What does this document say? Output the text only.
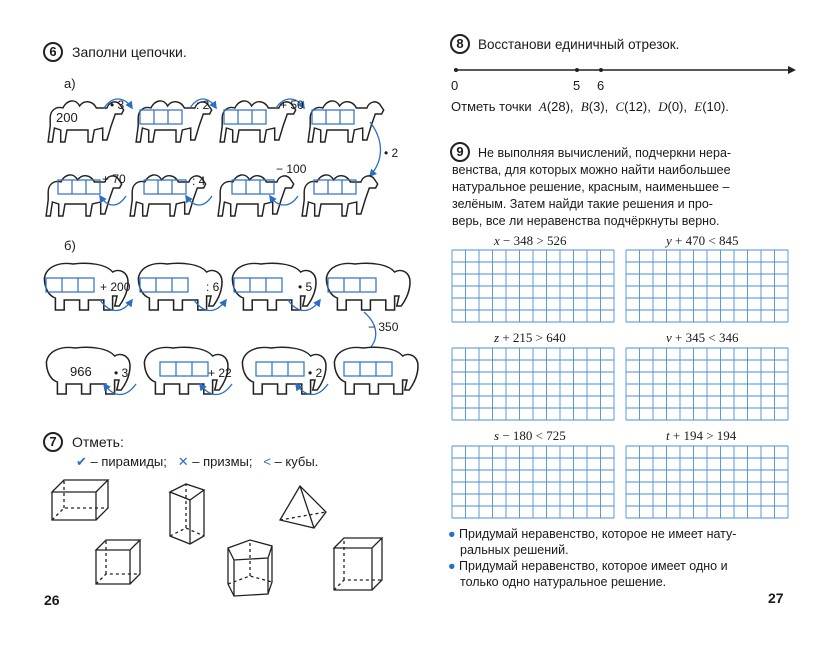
6	Заполни цепочки.
а)
200
• 3	: 2	+ 50
• 2
+ 70	: 4
− 100
б)
+ 200	: 6	• 5
− 350
966 • 3	+ 22	• 2
7	Отметь:
✔ – пирамиды; ✕ – призмы; < – кубы.
26
8	Восстанови единичный отрезок.
0	5 6
Отметь точки A(28), B(3), C(12), D(0), E(10).
9	Не выполняя вычислений, подчеркни нера-
венства, для которых можно найти наибольшее
натуральное решение, красным, наименьшее –
зелёным. Затем найди такие решения и про-
верь, все ли неравенства подчёркнуты верно.
x − 348 > 526	y + 470 < 845
z + 215 > 640	v + 345 < 346
s − 180 < 725	t + 194 > 194
● Придумай неравенство, которое не имеет нату-
ральных решений.
● Придумай неравенство, которое имеет одно и
только одно натуральное решение.
27
